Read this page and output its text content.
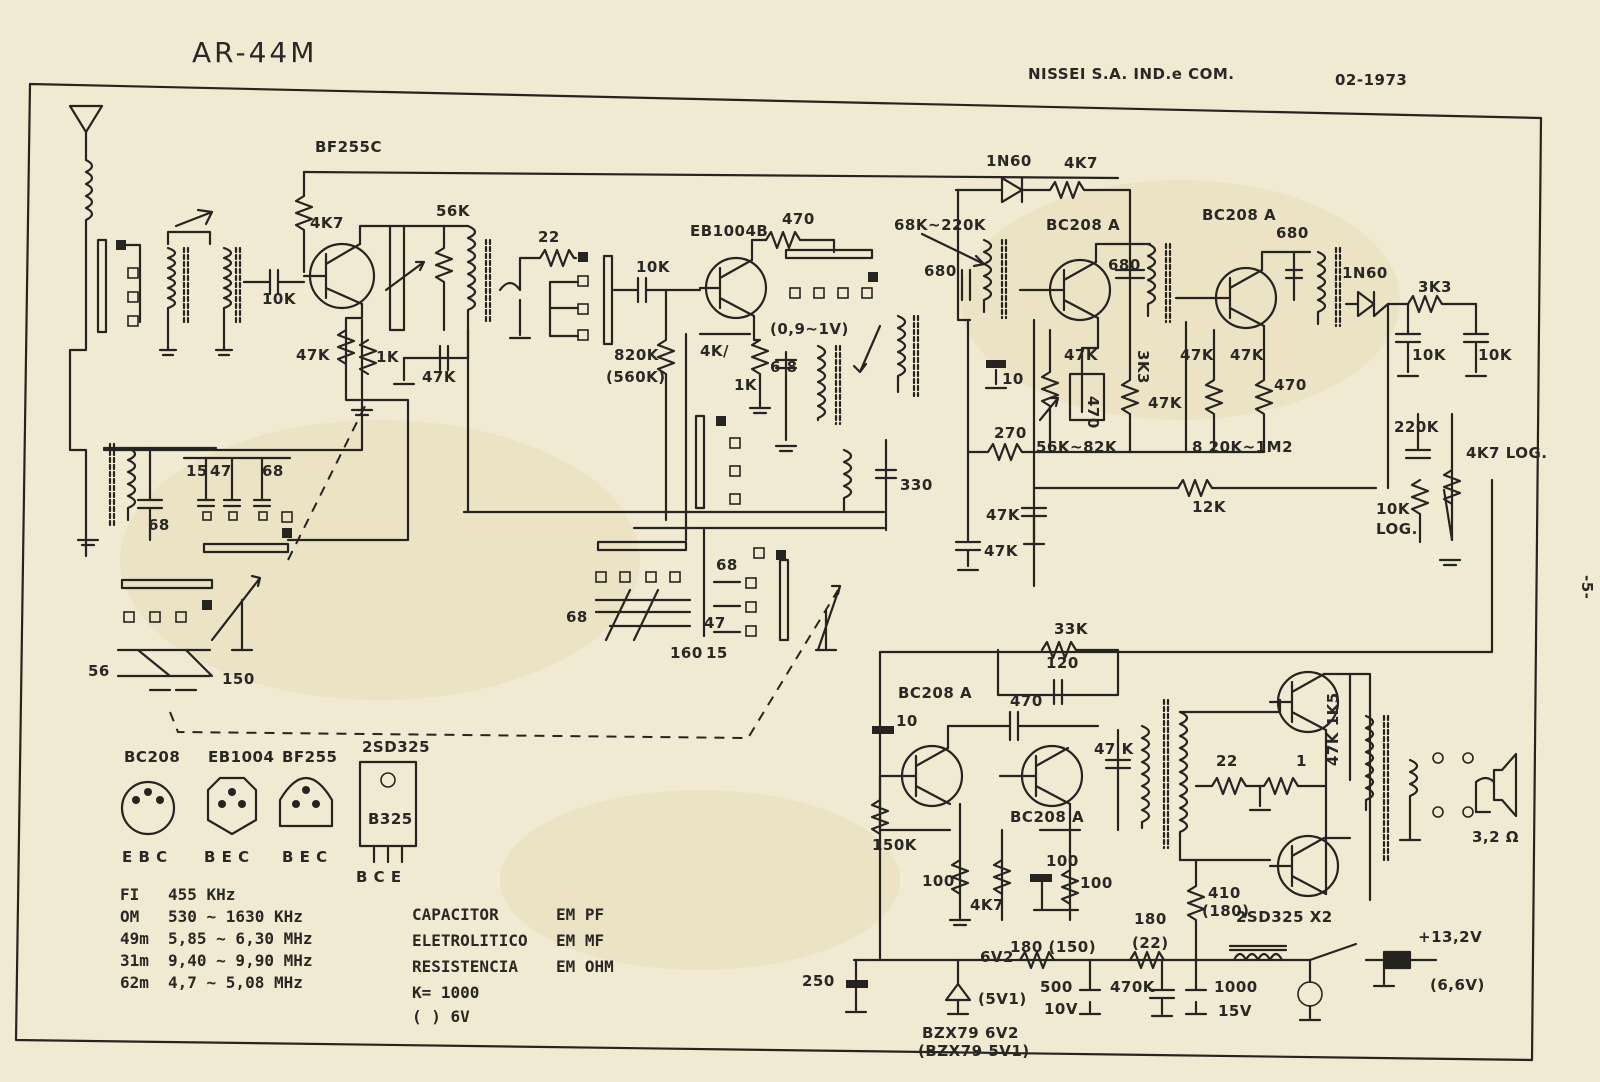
AR-44M
NISSEI S.A. IND.e COM.	02-1973
-5-
BF255C
4K7
10K
47K	1K
56K
47K
22	EB1004B
470
10K
820K
(560K)
(0,9~1V)
4K/
1K
6 8
330
1N60 4K7
68K~220K
680
10
270
56K~82K
12K
47K
47K
BC208 A
680
47K
470
3K3
47K
BC208 A
680
47K 47K
470
8 20K~1M2
1N60
3K3
10K 10K
220K
4K7 LOG.
10K
LOG.
68
15 47 68
56	150
68
160 15
47
68
33K
120
BC208 A
10
470
BC208 A
47 K
150K
100
4K7
100
100
22	1 47K 1K5
3,2 Ω
2SD325 X2
250
6V2
(5V1)
BZX79 6V2
(BZX79 5V1)
180 (150)
500
10V
180
(22)
470K
410
(180)
1000
15V
+13,2V
(6,6V)
BC208
E B C
EB1004
B E C
BF255
B E C
2SD325
B325
B C E
FI 455 KHz
OM 530 ~ 1630 KHz
49m 5,85 ~ 6,30 MHz
31m 9,40 ~ 9,90 MHz
62m 4,7 ~ 5,08 MHz
CAPACITOR	EM PF
ELETROLITICO EM MF
RESISTENCIA EM OHM
K= 1000
( ) 6V
